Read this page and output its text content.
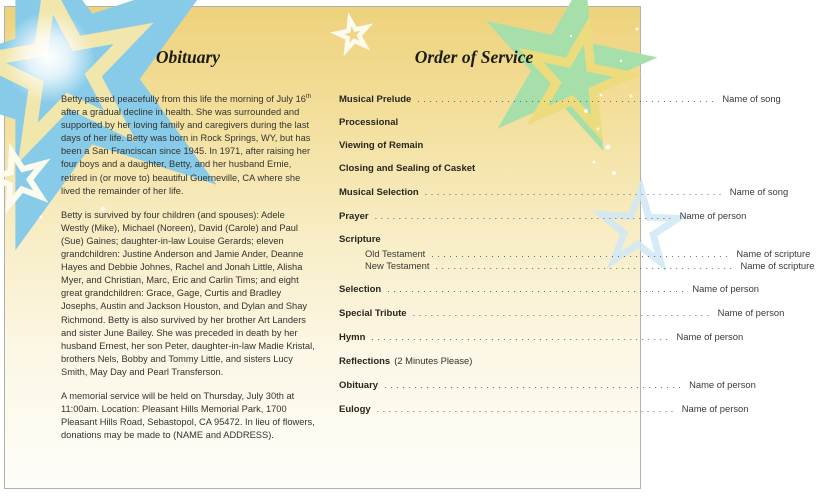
Obituary

Betty passed peacefully from this life the morning of July 16th after a gradual decline in health. She was surrounded and supported by her loving family and caregivers during the last days of her life. Betty was born in Rock Springs, WY, but has been a San Franciscan since 1945. In 1971, after raising her four boys and a daughter, Betty, and her husband Ernie, retired in (or move to) beautiful Guerneville, CA where she lived the remainder of her life.

Betty is survived by four children (and spouses): Adele Westly (Mike), Michael (Noreen), David (Carole) and Paul (Sue) Gaines; daughter-in-law Louise Gerards; eleven grandchildren: Justine Anderson and Jamie Ander, Deanne Hayes and Debbie Johnes, Rachel and Jonah Little, Alisha Myer, and Christian, Marc, Eric and Carlin Tims; and eight great grandchildren: Grace, Gage, Curtis and Bradley Josephs, Austin and Jackson Houston, and Dylan and Shay Richmond. Betty is also survived by her brother Art Landers and sister June Bailey. She was preceded in death by her husband Ernest, her son Peter, daughter-in-law Madie Kristal, brothers Nels, Bobby and Tommy Little, and sisters Lucy Smith, May Day and Pearl Transferson.

A memorial service will be held on Thursday, July 30th at 11:00am. Location: Pleasant Hills Memorial Park, 1700 Pleasant Hills Road, Sebastopol, CA 95472. In lieu of flowers, donations may be made to (NAME and ADDRESS).

Order of Service
Musical Prelude . . . . . . . . . . . . . . . . . . . . . . . . . . . . . . . . . . . . . . . . . . . . . . . . . . Name of song
Processional
Viewing of Remain
Closing and Sealing of Casket
Musical Selection . . . . . . . . . . . . . . . . . . . . . . . . . . . . . . . . . . . . . . . . . . . . . . . . . . Name of song
Prayer . . . . . . . . . . . . . . . . . . . . . . . . . . . . . . . . . . . . . . . . . . . . . . . . . . Name of person
Scripture
Old Testament . . . . . . . . . . . . . . . . . . . . . . . . . . . . . . . . . . . . . . . . . . . . . . . . . . Name of scripture
New Testament . . . . . . . . . . . . . . . . . . . . . . . . . . . . . . . . . . . . . . . . . . . . . . . . . . Name of scripture
Selection . . . . . . . . . . . . . . . . . . . . . . . . . . . . . . . . . . . . . . . . . . . . . . . . . . Name of person
Special Tribute . . . . . . . . . . . . . . . . . . . . . . . . . . . . . . . . . . . . . . . . . . . . . . . . . . Name of person
Hymn . . . . . . . . . . . . . . . . . . . . . . . . . . . . . . . . . . . . . . . . . . . . . . . . . . Name of person
Reflections (2 Minutes Please)
Obituary . . . . . . . . . . . . . . . . . . . . . . . . . . . . . . . . . . . . . . . . . . . . . . . . . . Name of person
Eulogy . . . . . . . . . . . . . . . . . . . . . . . . . . . . . . . . . . . . . . . . . . . . . . . . . . Name of person
